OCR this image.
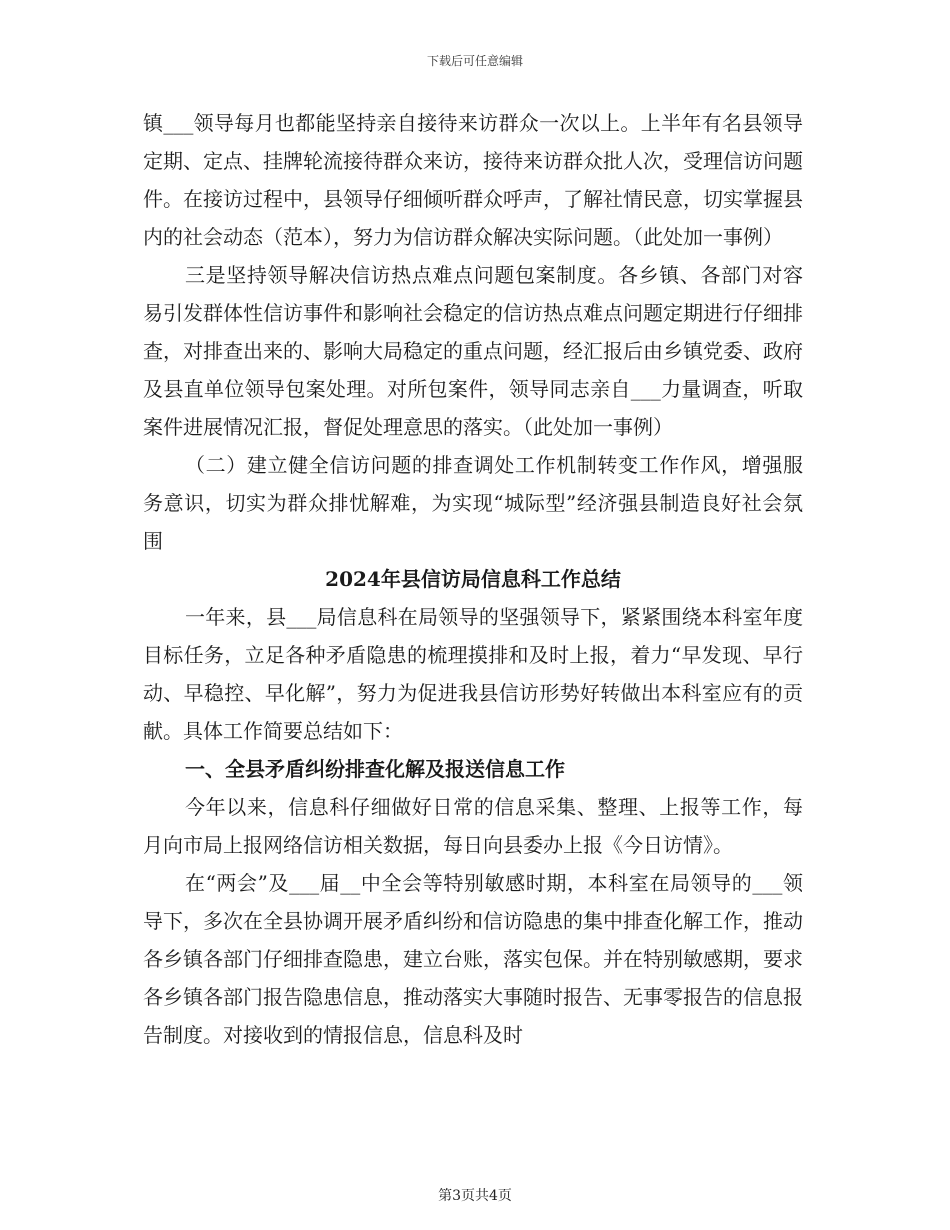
下载后可任意编辑

镇___领导每月也都能坚持亲自接待来访群众一次以上。上半年有名县领导定期、定点、挂牌轮流接待群众来访，接待来访群众批人次，受理信访问题件。在接访过程中，县领导仔细倾听群众呼声，了解社情民意，切实掌握县内的社会动态（范本），努力为信访群众解决实际问题。（此处加一事例）

三是坚持领导解决信访热点难点问题包案制度。各乡镇、各部门对容易引发群体性信访事件和影响社会稳定的信访热点难点问题定期进行仔细排查，对排查出来的、影响大局稳定的重点问题，经汇报后由乡镇党委、政府及县直单位领导包案处理。对所包案件，领导同志亲自___力量调查，听取案件进展情况汇报，督促处理意思的落实。（此处加一事例）

（二）建立健全信访问题的排查调处工作机制转变工作作风，增强服务意识，切实为群众排忧解难，为实现“城际型”经济强县制造良好社会氛围

2024年县信访局信息科工作总结

一年来，县___局信息科在局领导的坚强领导下，紧紧围绕本科室年度目标任务，立足各种矛盾隐患的梳理摸排和及时上报，着力“早发现、早行动、早稳控、早化解”，努力为促进我县信访形势好转做出本科室应有的贡献。具体工作简要总结如下：

一、全县矛盾纠纷排查化解及报送信息工作

今年以来，信息科仔细做好日常的信息采集、整理、上报等工作，每月向市局上报网络信访相关数据，每日向县委办上报《今日访情》。

在“两会”及___届__中全会等特别敏感时期，本科室在局领导的___领导下，多次在全县协调开展矛盾纠纷和信访隐患的集中排查化解工作，推动各乡镇各部门仔细排查隐患，建立台账，落实包保。并在特别敏感期，要求各乡镇各部门报告隐患信息，推动落实大事随时报告、无事零报告的信息报告制度。对接收到的情报信息，信息科及时

第3页共4页
